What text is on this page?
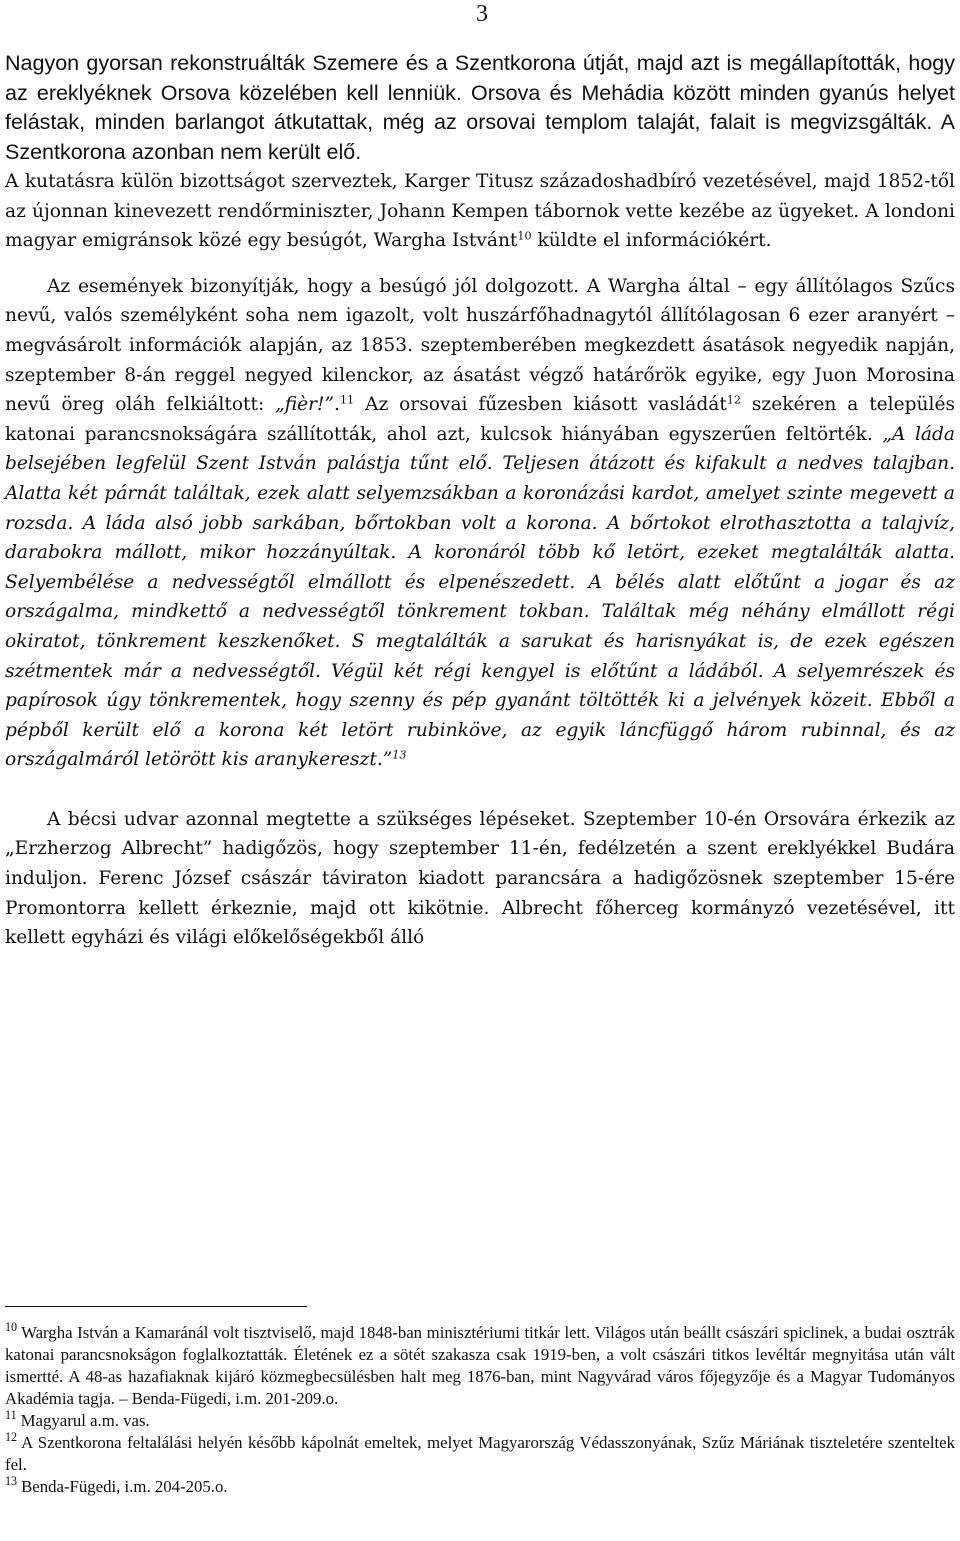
3

Nagyon gyorsan rekonstruálták Szemere és a Szentkorona útját, majd azt is megállapították, hogy az ereklyéknek Orsova közelében kell lenniük. Orsova és Mehádia között minden gyanús helyet felástak, minden barlangot átkutattak, még az orsovai templom talaját, falait is megvizsgálták. A Szentkorona azonban nem került elő.

A kutatásra külön bizottságot szerveztek, Karger Titusz századoshadbíró vezetésével, majd 1852-től az újonnan kinevezett rendőrminiszter, Johann Kempen tábornok vette kezébe az ügyeket. A londoni magyar emigránsok közé egy besúgót, Wargha Istvánt$^{10}$ küldte el információkért.

Az események bizonyítják, hogy a besúgó jól dolgozott. A Wargha által – egy állítólagos Szűcs nevű, valós személyként soha nem igazolt, volt huszárfőhadnagytól állítólagosan 6 ezer aranyért – megvásárolt információk alapján, az 1853. szeptemberében megkezdett ásatások negyedik napján, szeptember 8-án reggel negyed kilenckor, az ásatást végző határőrök egyike, egy Juon Morosina nevű öreg oláh felkiáltott: „fièr!”.$^{11}$ Az orsovai fűzesben kiásott vasládát$^{12}$ szekéren a település katonai parancsnokságára szállították, ahol azt, kulcsok hiányában egyszerűen feltörték. „A láda belsejében legfelül Szent István palástja tűnt elő. Teljesen átázott és kifakult a nedves talajban. Alatta két párnát találtak, ezek alatt selyemzsákban a koronázási kardot, amelyet szinte megevett a rozsda. A láda alsó jobb sarkában, bőrtokban volt a korona. A bőrtokot elrothasztotta a talajvíz, darabokra mállott, mikor hozzányúltak. A koronáról több kő letört, ezeket megtalálták alatta. Selyembélése a nedvességtől elmállott és elpenészedett. A bélés alatt előtűnt a jogar és az országalma, mindkettő a nedvességtől tönkrement tokban. Találtak még néhány elmállott régi okiratot, tönkrement keszkenőket. S megtalálták a sarukat és harisnyákat is, de ezek egészen szétmentek már a nedvességtől. Végül két régi kengyel is előtűnt a ládából. A selyemrészek és papírosok úgy tönkrementek, hogy szenny és pép gyanánt töltötték ki a jelvények közeit. Ebből a pépből került elő a korona két letört rubinköve, az egyik láncfüggő három rubinnal, és az országalmáról letörött kis aranykereszt.”$^{13}$

A bécsi udvar azonnal megtette a szükséges lépéseket. Szeptember 10-én Orsovára érkezik az „Erzherzog Albrecht” hadigőzös, hogy szeptember 11-én, fedélzetén a szent ereklyékkel Budára induljon. Ferenc József császár táviraton kiadott parancsára a hadigőzösnek szeptember 15-ére Promontorra kellett érkeznie, majd ott kikötnie. Albrecht főherceg kormányzó vezetésével, itt kellett egyházi és világi előkelőségekből álló

$^{10}$ Wargha István a Kamaránál volt tisztviselő, majd 1848-ban minisztériumi titkár lett. Világos után beállt császári spiclinek, a budai osztrák katonai parancsnokságon foglalkoztatták. Életének ez a sötét szakasza csak 1919-ben, a volt császári titkos levéltár megnyitása után vált ismertté. A 48-as hazafiaknak kijáró közmegbecsülésben halt meg 1876-ban, mint Nagyvárad város főjegyzője és a Magyar Tudományos Akadémia tagja. – Benda-Fügedi, i.m. 201-209.o.

$^{11}$ Magyarul a.m. vas.

$^{12}$ A Szentkorona feltalálási helyén később kápolnát emeltek, melyet Magyarország Védasszonyának, Szűz Máriának tiszteletére szenteltek fel.

$^{13}$ Benda-Fügedi, i.m. 204-205.o.
